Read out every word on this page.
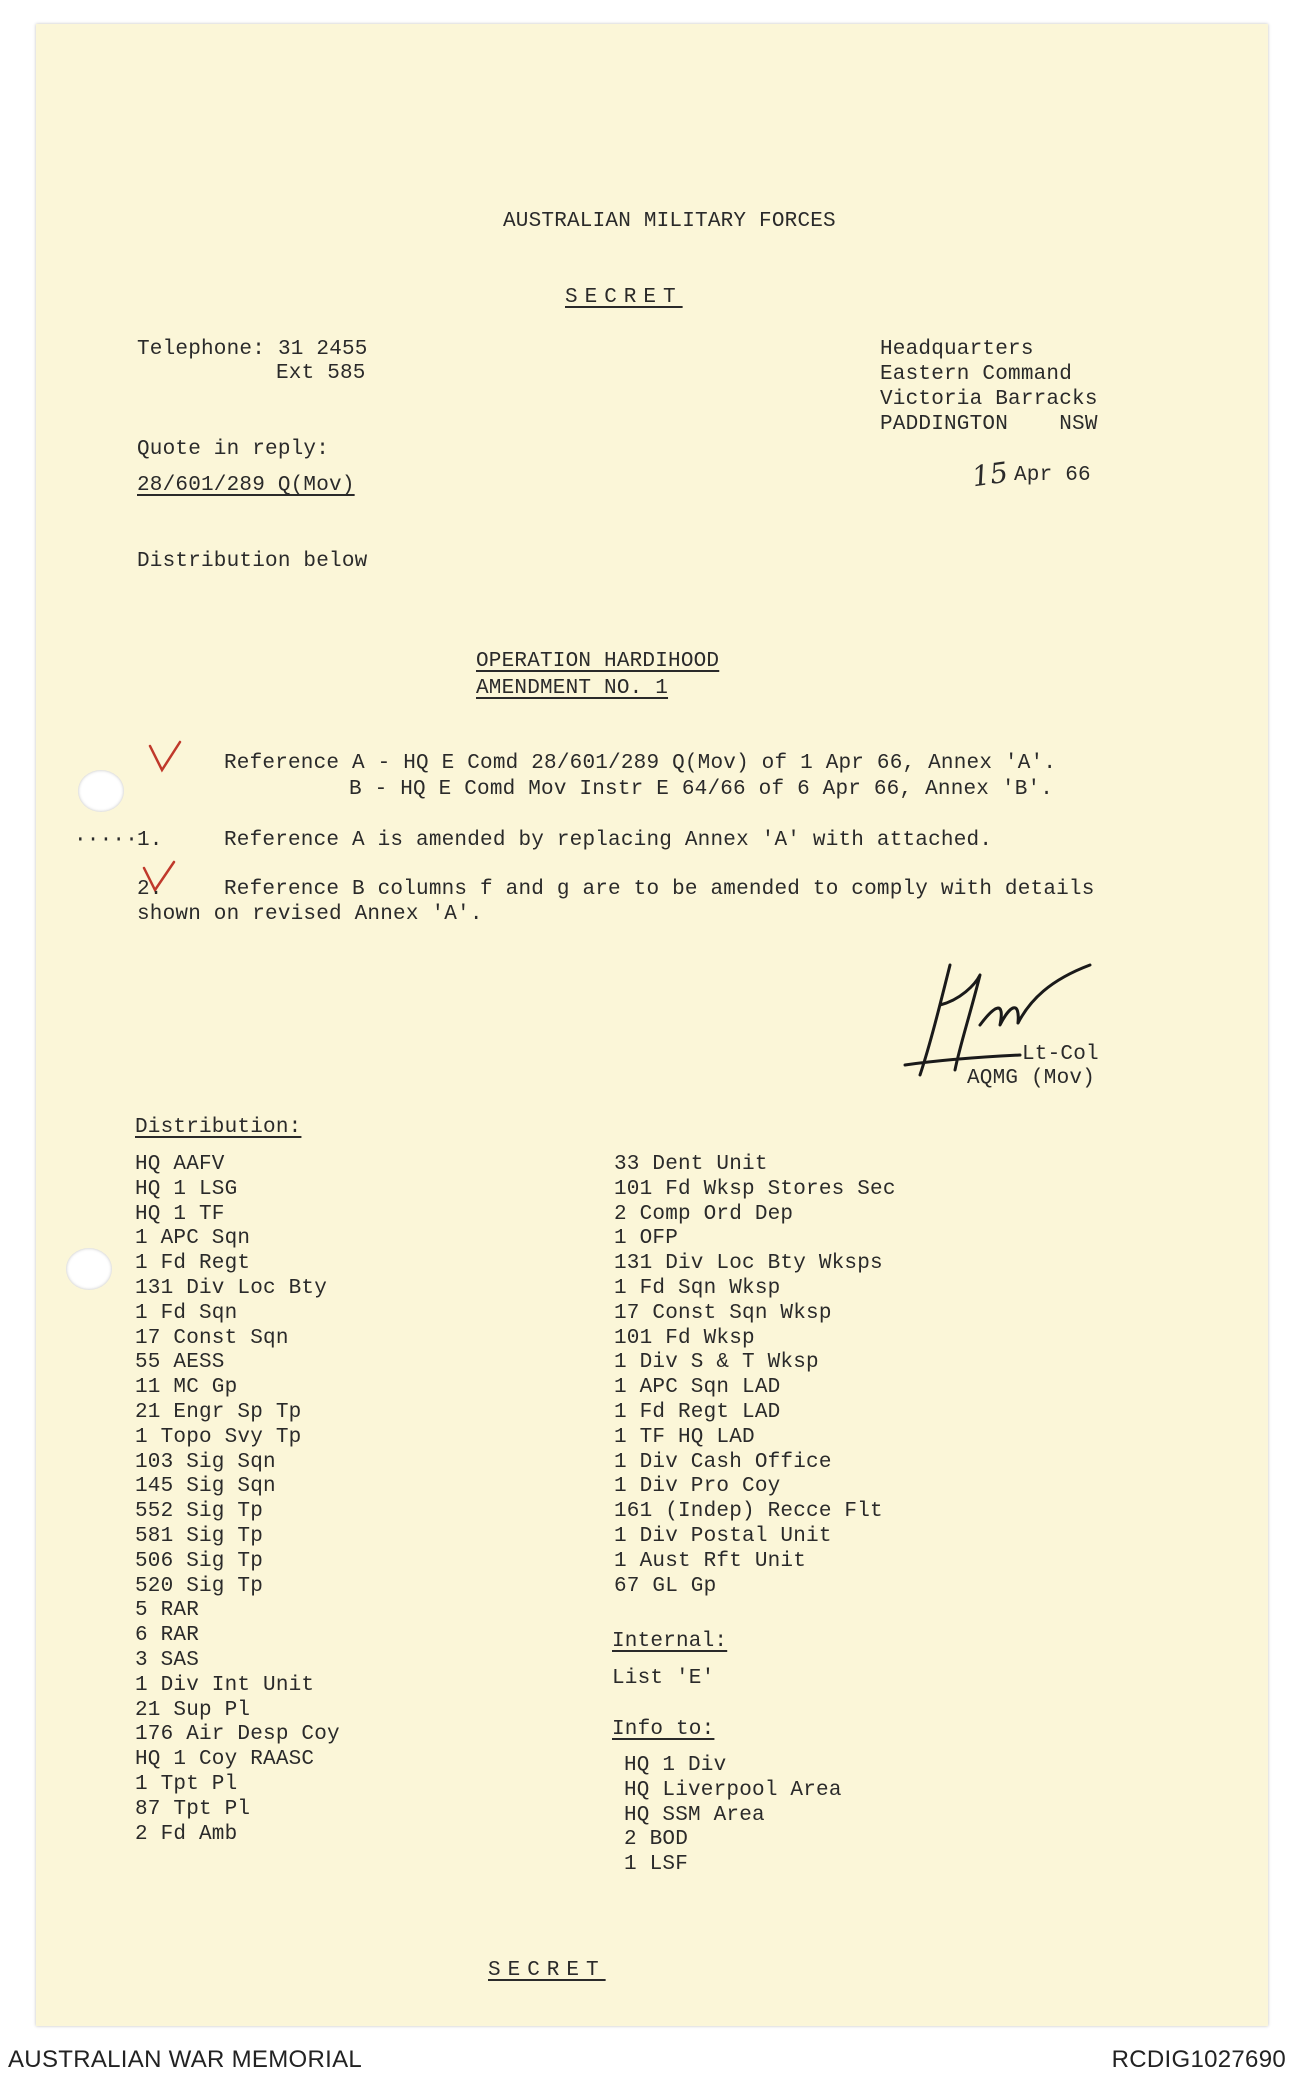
AUSTRALIAN MILITARY FORCES
SECRET
Telephone: 31 2455
Ext 585
Quote in reply:
28/601/289 Q(Mov)
Distribution below
Headquarters
Eastern Command
Victoria Barracks
PADDINGTON    NSW
15 Apr 66
OPERATION HARDIHOOD
AMENDMENT NO. 1
Reference A - HQ E Comd 28/601/289 Q(Mov) of 1 Apr 66, Annex 'A'.
B - HQ E Comd Mov Instr E 64/66 of 6 Apr 66, Annex 'B'.
·····
1.	Reference A is amended by replacing Annex 'A' with attached.
2.	Reference B columns f and g are to be amended to comply with details
shown on revised Annex 'A'.
Lt-Col
AQMG (Mov)
Distribution:
HQ AAFV
HQ 1 LSG
HQ 1 TF
1 APC Sqn
1 Fd Regt
131 Div Loc Bty
1 Fd Sqn
17 Const Sqn
55 AESS
11 MC Gp
21 Engr Sp Tp
1 Topo Svy Tp
103 Sig Sqn
145 Sig Sqn
552 Sig Tp
581 Sig Tp
506 Sig Tp
520 Sig Tp
5 RAR
6 RAR
3 SAS
1 Div Int Unit
21 Sup Pl
176 Air Desp Coy
HQ 1 Coy RAASC
1 Tpt Pl
87 Tpt Pl
2 Fd Amb
33 Dent Unit
101 Fd Wksp Stores Sec
2 Comp Ord Dep
1 OFP
131 Div Loc Bty Wksps
1 Fd Sqn Wksp
17 Const Sqn Wksp
101 Fd Wksp
1 Div S & T Wksp
1 APC Sqn LAD
1 Fd Regt LAD
1 TF HQ LAD
1 Div Cash Office
1 Div Pro Coy
161 (Indep) Recce Flt
1 Div Postal Unit
1 Aust Rft Unit
67 GL Gp
Internal:
List 'E'
Info to:
HQ 1 Div
HQ Liverpool Area
HQ SSM Area
2 BOD
1 LSF
SECRET
AUSTRALIAN WAR MEMORIAL	RCDIG1027690
